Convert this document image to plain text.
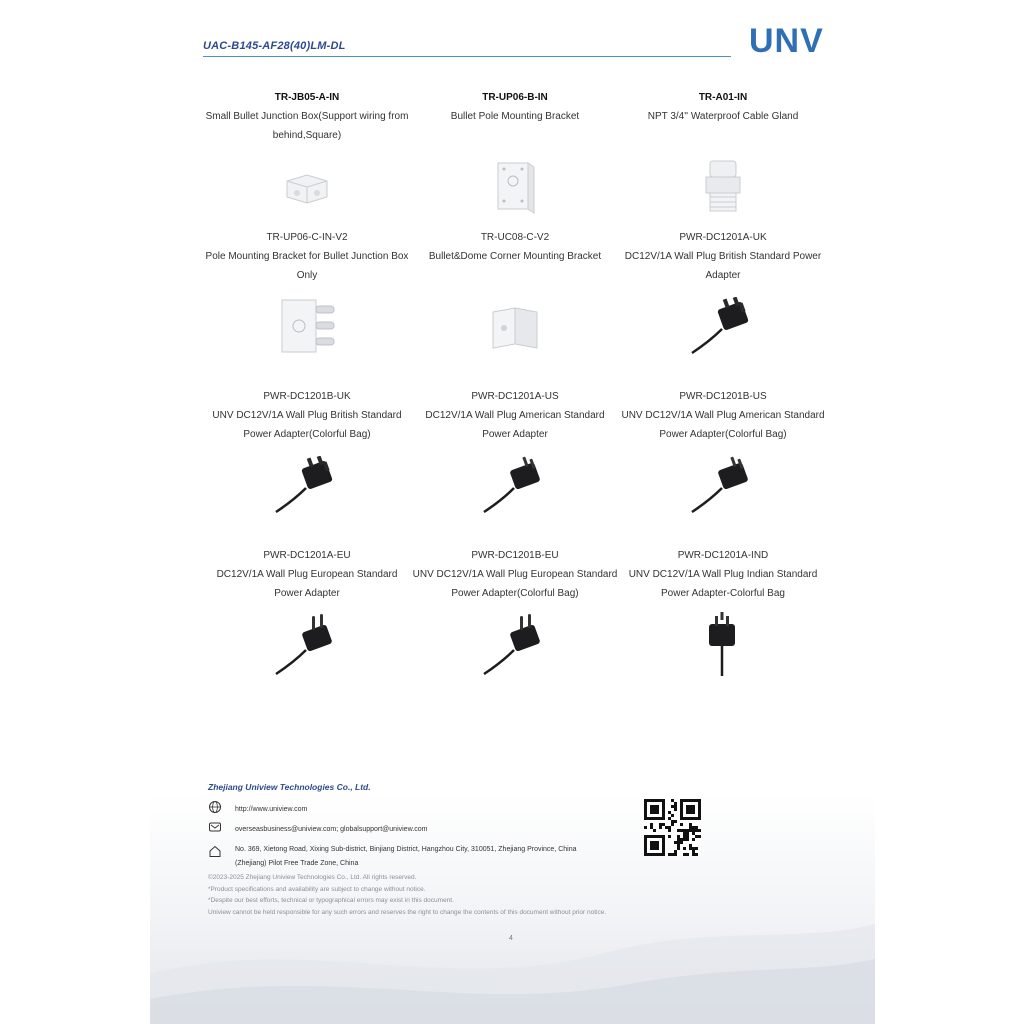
UAC-B145-AF28(40)LM-DL	UNV
TR-JB05-A-IN
Small Bullet Junction Box(Support wiring from behind,Square)
TR-UP06-B-IN
Bullet Pole Mounting Bracket
TR-A01-IN
NPT 3/4'' Waterproof Cable Gland
TR-UP06-C-IN-V2
Pole Mounting Bracket for Bullet Junction Box Only
TR-UC08-C-V2
Bullet&Dome Corner Mounting Bracket
PWR-DC1201A-UK
DC12V/1A Wall Plug British Standard Power Adapter
PWR-DC1201B-UK
UNV DC12V/1A Wall Plug British Standard Power Adapter(Colorful Bag)
PWR-DC1201A-US
DC12V/1A Wall Plug American Standard Power Adapter
PWR-DC1201B-US
UNV DC12V/1A Wall Plug American Standard Power Adapter(Colorful Bag)
PWR-DC1201A-EU
DC12V/1A Wall Plug European Standard Power Adapter
PWR-DC1201B-EU
UNV DC12V/1A Wall Plug European Standard Power Adapter(Colorful Bag)
PWR-DC1201A-IND
UNV DC12V/1A Wall Plug Indian Standard Power Adapter-Colorful Bag
Zhejiang Uniview Technologies Co., Ltd.
http://www.uniview.com
overseasbusiness@uniview.com; globalsupport@uniview.com
No. 369, Xietong Road, Xixing Sub-district, Binjiang District, Hangzhou City, 310051, Zhejiang Province, China
(Zhejiang) Pilot Free Trade Zone, China
©2023-2025 Zhejiang Uniview Technologies Co., Ltd. All rights reserved.
*Product specifications and availability are subject to change without notice.
*Despite our best efforts, technical or typographical errors may exist in this document.
Uniview cannot be held responsible for any such errors and reserves the right to change the contents of this document without prior notice.
4
